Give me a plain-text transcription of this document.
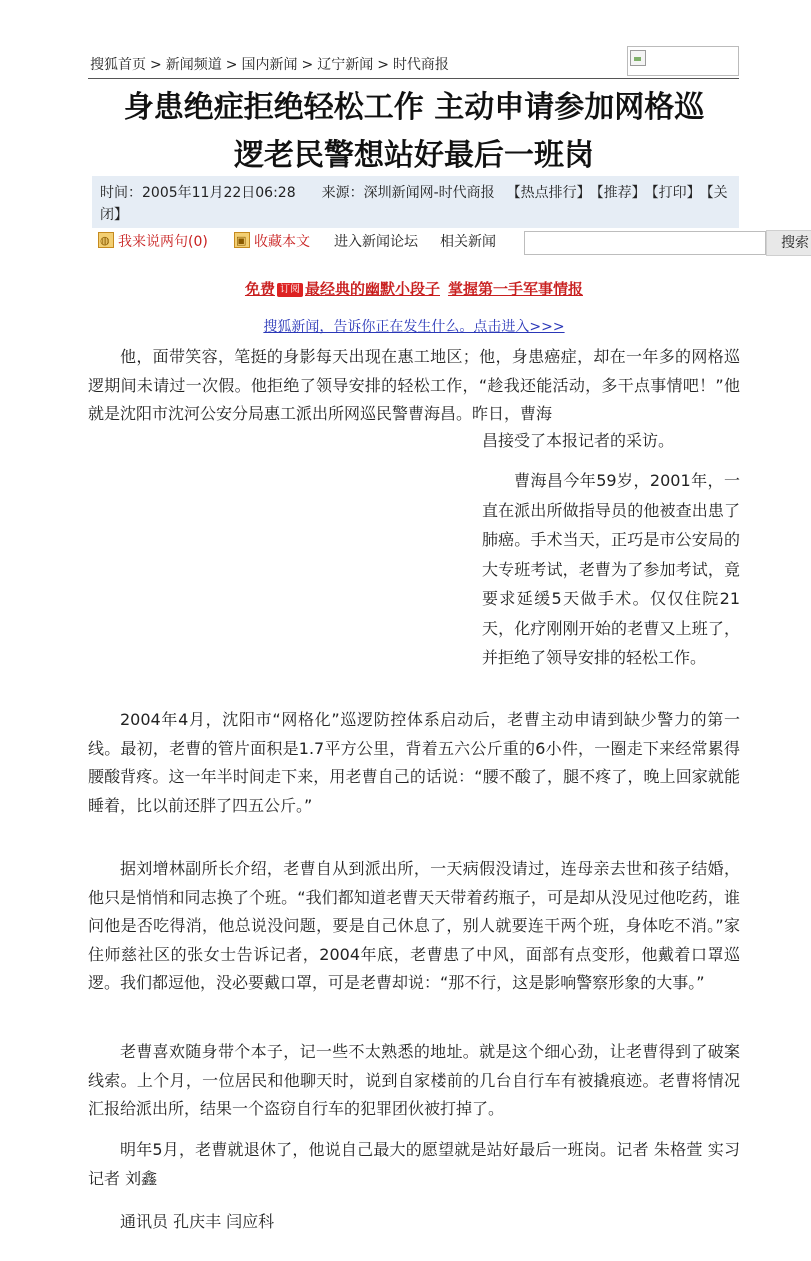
搜狐首页 > 新闻频道 > 国内新闻 > 辽宁新闻 > 时代商报
身患绝症拒绝轻松工作 主动申请参加网格巡
逻老民警想站好最后一班岗
时间：2005年11月22日06:28 来源：深圳新闻网-时代商报 【热点排行】 【推荐】 【打印】 【关闭】
◍我来说两句(0) ▣	收藏本文 进入新闻论坛 相关新闻	搜索
免费 订阅 最经典的幽默小段子 掌握第一手军事情报
搜狐新闻，告诉你正在发生什么。点击进入>>>
他，面带笑容，笔挺的身影每天出现在惠工地区；他，身患癌症，却在一年多的网格巡逻期间未请过一次假。他拒绝了领导安排的轻松工作，“趁我还能活动，多干点事情吧！”他就是沈阳市沈河公安分局惠工派出所网巡民警曹海昌。昨日，曹海
昌接受了本报记者的采访。
曹海昌今年59岁，2001年，一直在派出所做指导员的他被查出患了肺癌。手术当天，正巧是市公安局的大专班考试，老曹为了参加考试，竟要求延缓5天做手术。仅仅住院21天，化疗刚刚开始的老曹又上班了，并拒绝了领导安排的轻松工作。
2004年4月，沈阳市“网格化”巡逻防控体系启动后，老曹主动申请到缺少警力的第一线。最初，老曹的管片面积是1.7平方公里，背着五六公斤重的6小件，一圈走下来经常累得腰酸背疼。这一年半时间走下来，用老曹自己的话说：“腰不酸了，腿不疼了，晚上回家就能睡着，比以前还胖了四五公斤。”
据刘增林副所长介绍，老曹自从到派出所，一天病假没请过，连母亲去世和孩子结婚，他只是悄悄和同志换了个班。“我们都知道老曹天天带着药瓶子，可是却从没见过他吃药，谁问他是否吃得消，他总说没问题，要是自己休息了，别人就要连干两个班，身体吃不消。”家住师慈社区的张女士告诉记者，2004年底，老曹患了中风，面部有点变形，他戴着口罩巡逻。我们都逗他，没必要戴口罩，可是老曹却说：“那不行，这是影响警察形象的大事。”
老曹喜欢随身带个本子，记一些不太熟悉的地址。就是这个细心劲，让老曹得到了破案线索。上个月，一位居民和他聊天时，说到自家楼前的几台自行车有被撬痕迹。老曹将情况汇报给派出所，结果一个盗窃自行车的犯罪团伙被打掉了。
明年5月，老曹就退休了，他说自己最大的愿望就是站好最后一班岗。记者 朱格萱 实习记者 刘鑫
通讯员 孔庆丰 闫应科
